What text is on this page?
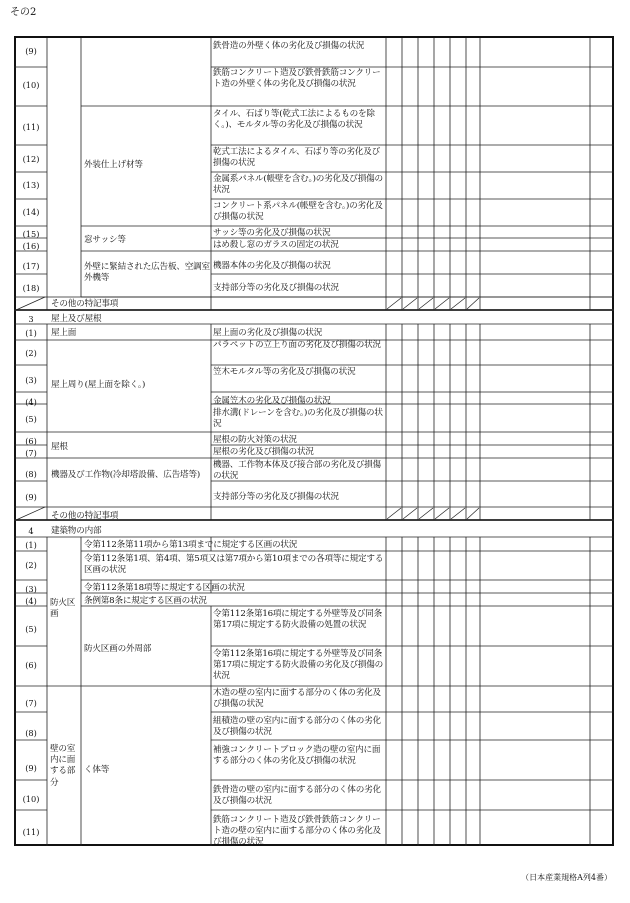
その2
(9)
(10)
(11)
(12)
(13)
(14)
(15)
(16)
(17)
(18)
外装仕上げ材等
窓サッシ等
外壁に緊結された広告板、空調室外機等
鉄骨造の外壁く体の劣化及び損傷の状況
鉄筋コンクリート造及び鉄骨鉄筋コンクリート造の外壁く体の劣化及び損傷の状況
タイル、石ばり等(乾式工法によるものを除く。)、モルタル等の劣化及び損傷の状況
乾式工法によるタイル、石ばり等の劣化及び損傷の状況
金属系パネル(帳壁を含む。)の劣化及び損傷の状況
コンクリート系パネル(帳壁を含む。)の劣化及び損傷の状況
サッシ等の劣化及び損傷の状況
はめ殺し窓のガラスの固定の状況
機器本体の劣化及び損傷の状況
支持部分等の劣化及び損傷の状況
その他の特記事項
3	屋上及び屋根
(1)
(2)
(3)
(4)
(5)
(6)
(7)
(8)
(9)
屋上面
屋上周り(屋上面を除く。)
屋根
機器及び工作物(冷却塔設備、広告塔等)
屋上面の劣化及び損傷の状況
パラペットの立上り面の劣化及び損傷の状況
笠木モルタル等の劣化及び損傷の状況
金属笠木の劣化及び損傷の状況
排水溝(ドレーンを含む。)の劣化及び損傷の状況
屋根の防火対策の状況
屋根の劣化及び損傷の状況
機器、工作物本体及び接合部の劣化及び損傷の状況
支持部分等の劣化及び損傷の状況
その他の特記事項
4	建築物の内部
(1)
(2)
(3)
(4)
(5)
(6)
(7)
(8)
(9)
(10)
(11)
防火区画
防火区画の外周部
壁の室内に面する部分
く体等
令第112条第11項から第13項までに規定する区画の状況
令第112条第1項、第4項、第5項又は第7項から第10項までの各項等に規定する区画の状況
令第112条第18項等に規定する区画の状況
条例第8条に規定する区画の状況
令第112条第16項に規定する外壁等及び同条第17項に規定する防火設備の処置の状況
令第112条第16項に規定する外壁等及び同条第17項に規定する防火設備の劣化及び損傷の状況
木造の壁の室内に面する部分のく体の劣化及び損傷の状況
組積造の壁の室内に面する部分のく体の劣化及び損傷の状況
補強コンクリートブロック造の壁の室内に面する部分のく体の劣化及び損傷の状況
鉄骨造の壁の室内に面する部分のく体の劣化及び損傷の状況
鉄筋コンクリート造及び鉄骨鉄筋コンクリート造の壁の室内に面する部分のく体の劣化及び損傷の状況
（日本産業規格A列4番）
